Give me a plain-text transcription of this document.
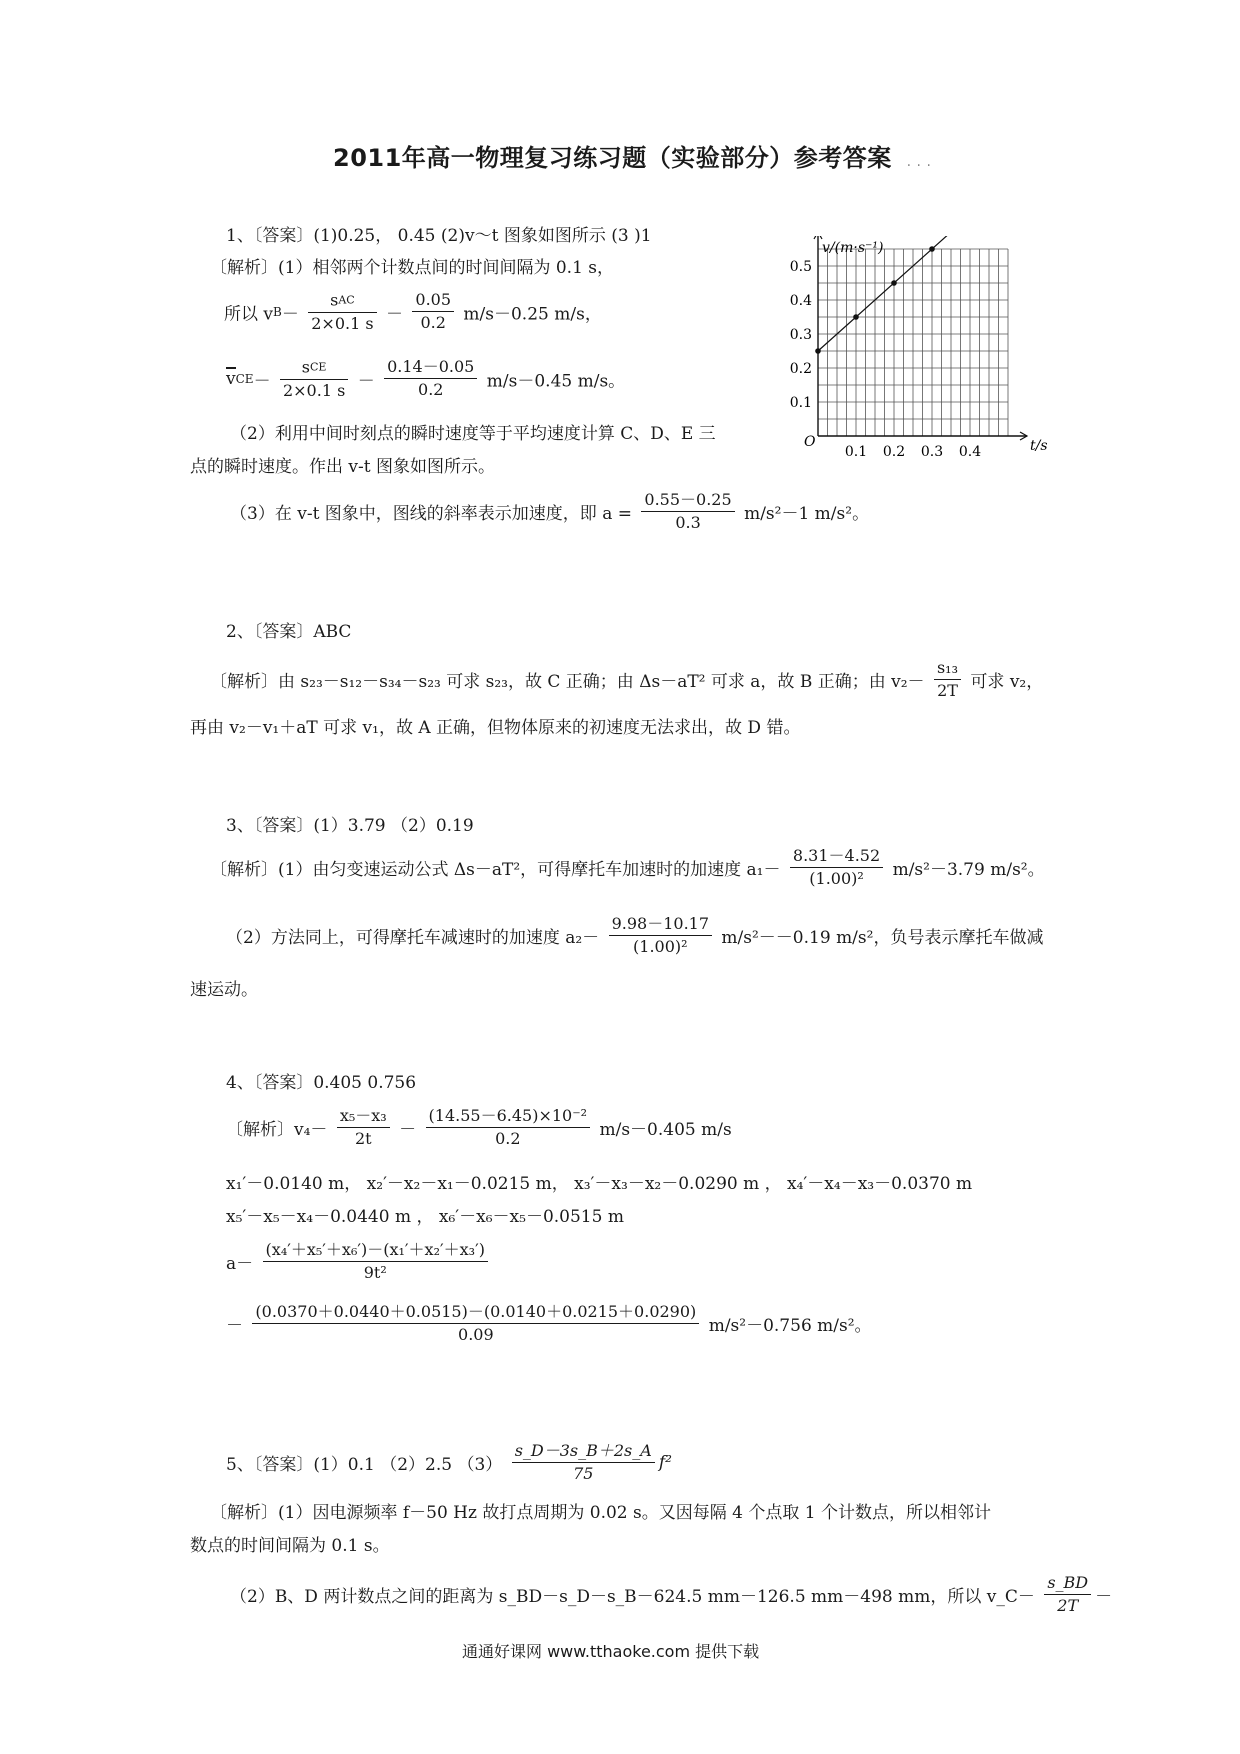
2011年高一物理复习练习题（实验部分）参考答案 . . .
1、〔答案〕(1)0.25， 0.45 (2)v～t 图象如图所示 (3 )1
〔解析〕(1）相邻两个计数点间的时间间隔为 0.1 s，
所以 $vB- \frac{\text{sAC}}{2\times 0.1 s} - \frac{0.05}{0.2} m/s-0.25$ m/s，
$vCE- \frac{\text{sCE}}{2\times 0.1 s} - \frac{0.14-0.05}{0.2} m/s-0.45$ m/s。
（2）利用中间时刻点的瞬时速度等于平均速度计算 C、D、E 三
点的瞬时速度。作出 v-t 图象如图所示。
（3）在 v-t 图象中，图线的斜率表示加速度，即 $a = \frac{0.55-0.25}{0.3} m/s^2-1$ m/s²。
0.1 0.2 0.3 0.4
0.1
0.2
0.3
0.4
0.5
v/(m·s⁻¹)
t/s
O
2、〔答案〕ABC
〔解析〕由 s₂₃－s₁₂－s₃₄－s₂₃ 可求 s₂₃，故 C 正确；由 Δs－aT² 可求 a，故 B 正确；由 $v_2- \frac{\text{s₁₃}}{2T}$ 可求 v₂，
再由 v₂－v₁＋aT 可求 v₁，故 A 正确，但物体原来的初速度无法求出，故 D 错。
3、〔答案〕(1）3.79 （2）0.19
〔解析〕(1）由匀变速运动公式 Δs－aT²，可得摩托车加速时的加速度 $a_1- \frac{8.31-4.52}{\text{(1.00)²}} m/s^2-3.79$ m/s²。
（2）方法同上，可得摩托车减速时的加速度 $a_2- \frac{9.98-10.17}{\text{(1.00)²}} m/s^2--0.19$ m/s²，负号表示摩托车做减
速运动。
4、〔答案〕0.405 0.756
〔解析〕$v_4- \frac{\text{x₅－x₃}}{2t} - \frac{\text{(14.55－6.45)×10⁻²}}{0.2} m/s-0.405$ m/s
x₁′－0.0140 m， x₂′－x₂－x₁－0.0215 m， x₃′－x₃－x₂－0.0290 m ， x₄′－x₄－x₃－0.0370 m
x₅′－x₅－x₄－0.0440 m ， x₆′－x₆－x₅－0.0515 m
$a- \frac{\text{(x₄′＋x₅′＋x₆′)－(x₁′＋x₂′＋x₃′)}}{\text{9t²}}$
－ $\frac{(0.0370+0.0440+0.0515)-(0.0140+0.0215+0.0290)}{0.09} m/s^2-0.756$ m/s²。
5、〔答案〕(1）0.1 （2）2.5 $(3) \frac{s\_D-3s\_B+2s\_A}{75} f^2$
〔解析〕(1）因电源频率 f－50 Hz 故打点周期为 0.02 s。又因每隔 4 个点取 1 个计数点，所以相邻计
数点的时间间隔为 0.1 s。
（2）B、D 两计数点之间的距离为 s_BD－s_D－s_B－624.5 mm－126.5 mm－498 mm，所以 v_C－ $\frac{s\_BD}{2T}$ －
通通好课网 www.tthaoke.com 提供下载
